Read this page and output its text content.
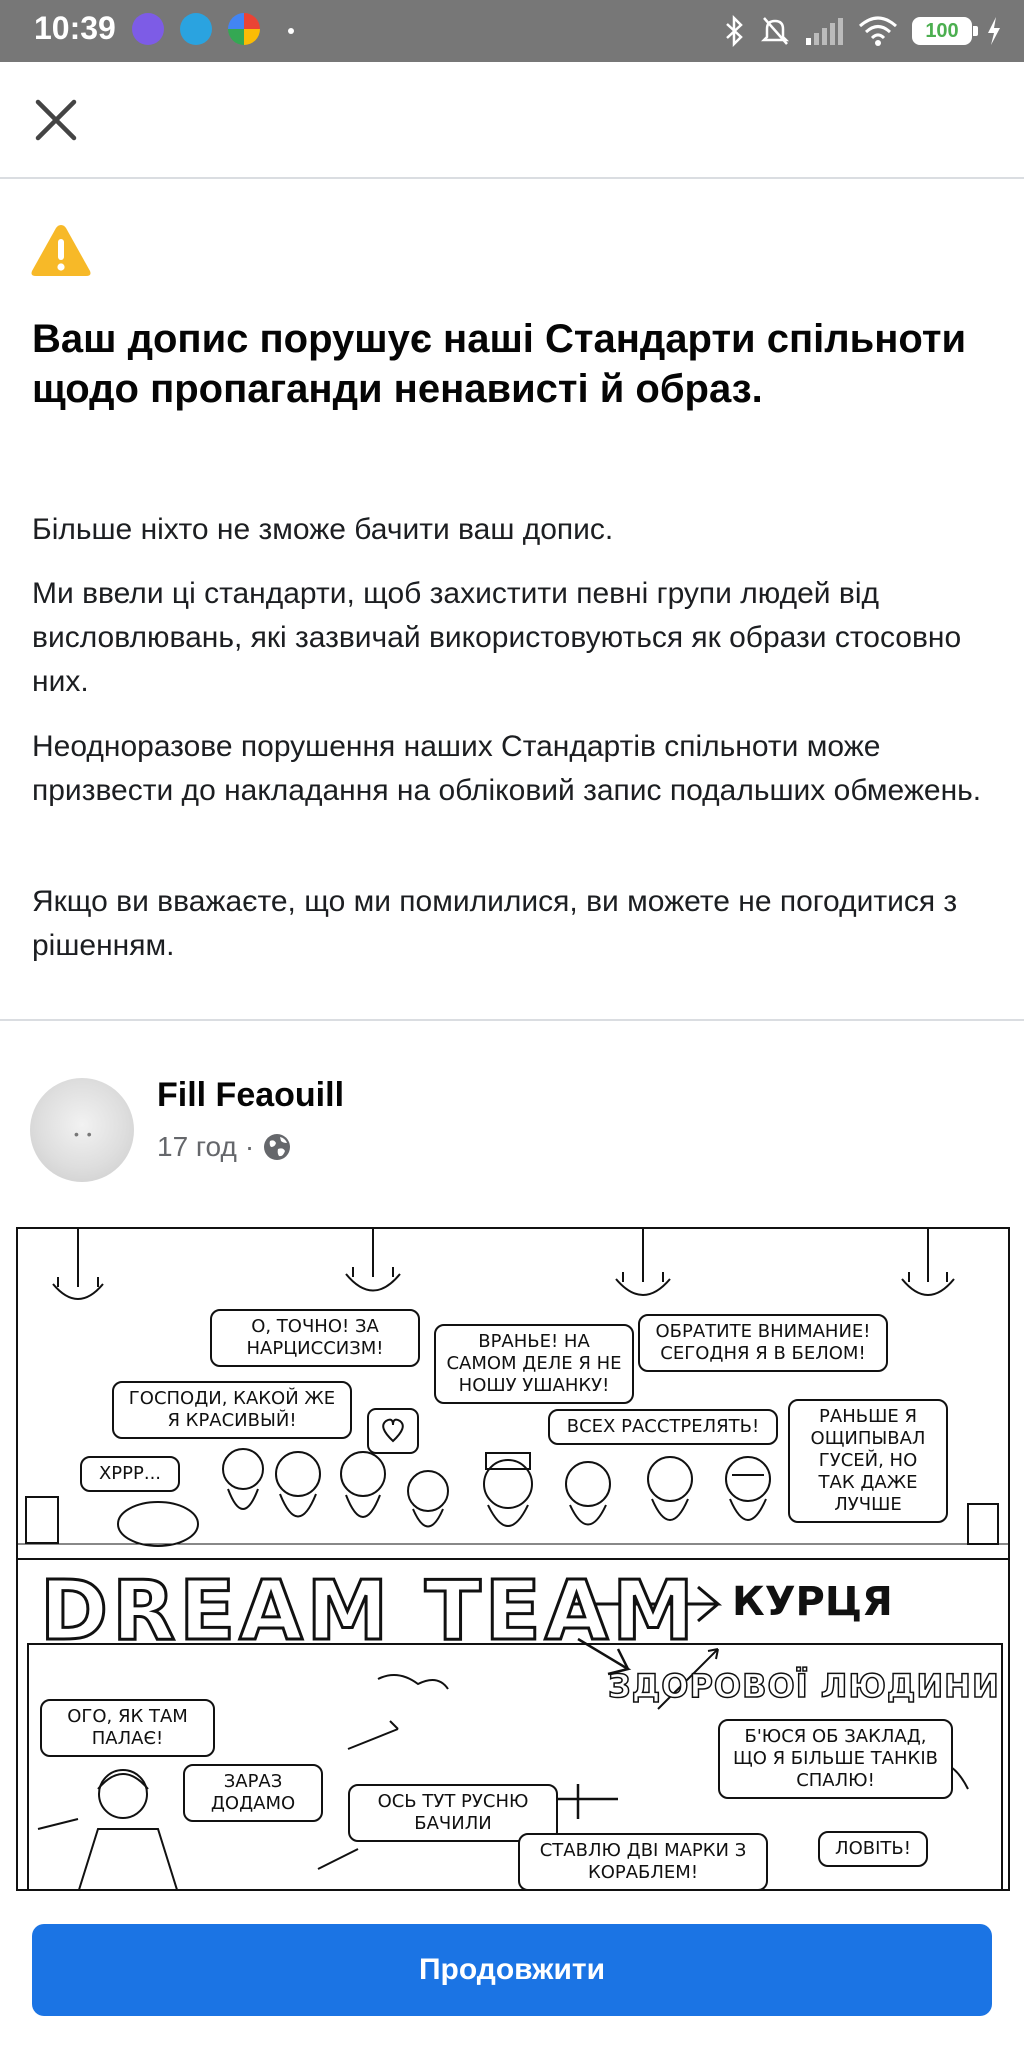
10:39	100
Ваш допис порушує наші Стандарти спільноти щодо пропаганди ненависті й образ.

Більше ніхто не зможе бачити ваш допис.

Ми ввели ці стандарти, щоб захистити певні групи людей від висловлювань, які зазвичай використовуються як образи стосовно них.

Неодноразове порушення наших Стандартів спільноти може призвести до накладання на обліковий запис подальших обмежень.

Якщо ви вважаєте, що ми помилилися, ви можете не погодитися з рішенням.

• •
Fill Feaouill
17 год ·
О, ТОЧНО! ЗА НАРЦИССИЗМ!	ВРАНЬЕ! НА САМОМ ДЕЛЕ Я НЕ НОШУ УШАНКУ!
ОБРАТИТЕ ВНИМАНИЕ! СЕГОДНЯ Я В БЕЛОМ!
ГОСПОДИ, КАКОЙ ЖЕ Я КРАСИВЫЙ!	ВСЕХ РАССТРЕЛЯТЬ!	РАНЬШЕ Я ОЩИПЫВАЛ ГУСЕЙ, НО ТАК ДАЖЕ ЛУЧШЕ
ХРРР...
DREAM TEAM КУРЦЯ
ЗДОРОВОЇ ЛЮДИНИ
ОГО, ЯК ТАМ ПАЛАЄ!
ЗАРАЗ ДОДАМО	ОСЬ ТУТ РУСНЮ БАЧИЛИ
СТАВЛЮ ДВІ МАРКИ З КОРАБЛЕМ!
Б'ЮСЯ ОБ ЗАКЛАД, ЩО Я БІЛЬШЕ ТАНКІВ СПАЛЮ!
ЛОВІТЬ!
Продовжити
